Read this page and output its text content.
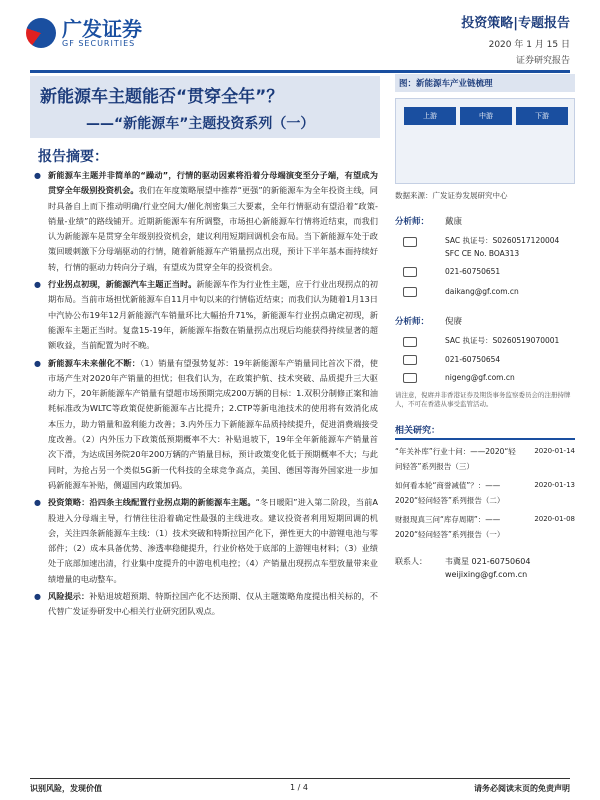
广发证券
GF SECURITIES
投资策略|专题报告
2020 年 1 月 15 日
证券研究报告
新能源车主题能否“贯穿全年”？
——“新能源车”主题投资系列（一）
报告摘要：
● 新能源车主题并非简单的“躁动”，行情的驱动因素将沿着分母端演变至分子端，有望成为贯穿全年级别投资机会。我们在年度策略展望中推荐“更强”的新能源车为全年投资主线，同时具备自上而下推动明确/行业空间大/催化剂密集三大要素，全年行情驱动有望沿着“政策-销量-业绩”的路线铺开。近期新能源车有所调整，市场担心新能源车行情将近结束，而我们认为新能源车是贯穿全年级别投资机会，建议利用短期回调机会布局。当下新能源车处于政策回暖刺激下分母端驱动的行情，随着新能源车产销量拐点出现，预计下半年基本面持续好转，行情的驱动力转向分子端，有望成为贯穿全年的投资机会。
● 行业拐点初现，新能源汽车主题正当时。新能源车作为行业性主题，应于行业出现拐点的初期布局。当前市场担忧新能源车自11月中旬以来的行情临近结束；而我们认为随着1月13日中汽协公布19年12月新能源汽车销量环比大幅抬升71%，新能源车行业拐点确定初现，新能源车主题正当时。复盘15-19年，新能源车指数在销量拐点出现后均能获得持续显著的超额收益，当前配置为时不晚。
● 新能源车未来催化不断：（1）销量有望强势复苏：19年新能源车产销量同比首次下滑，使市场产生对2020年产销量的担忧；但我们认为，在政策护航、技术突破、品质提升三大驱动力下，20年新能源车产销量有望超市场预期完成200万辆的目标：1.双积分制修正案和油耗标准改为WLTC等政策促使新能源车占比提升；2.CTP等新电池技术的使用将有效消化成本压力，助力销量和盈利能力改善；3.内外压力下新能源车品质持续提升，促进消费端接受度改善。（2）内外压力下政策低预期概率不大：补贴退坡下，19年全年新能源车产销量首次下滑，为达成国务院20年200万辆的产销量目标，预计政策变化低于预期概率不大；与此同时，为抢占另一个类似5G新一代科技的全球竞争高点，美国、德国等海外国家进一步加码新能源车补贴，侧逼国内政策加码。
● 投资策略：沿四条主线配置行业拐点期的新能源车主题。“冬日暖阳”进入第二阶段，当前A股进入分母端主导，行情往往沿着确定性最强的主线进攻。建议投资者利用短期回调的机会，关注四条新能源车主线：（1）技术突破和特斯拉国产化下，弹性更大的中游锂电池与零部件；（2）成本具备优势、渗透率稳健提升，行业价格处于底部的上游锂电材料；（3）业绩处于底部加速出清，行业集中度提升的中游电机电控；（4）产销量出现拐点车型放量带来业绩增量的电动整车。
● 风险提示：补贴退坡超预期、特斯拉国产化不达预期、仅从主题策略角度提出相关标的，不代替广发证券研发中心相关行业研究团队观点。
图：新能源车产业链梳理
上游	中游	下游
数据来源：广发证券发展研究中心
分析师： 戴康
SAC 执证号：S0260517120004
SFC CE No. BOA313
021-60750651
daikang@gf.com.cn
分析师： 倪赓
SAC 执证号：S0260519070001
021-60750654
nigeng@gf.com.cn
请注意，倪赓并非香港证券及期货事务监察委员会的注册持牌人，不可在香港从事受监管活动。
相关研究：
“年关补库”行业十问：——2020“轻问轻答”系列报告（三）
2020-01-14
如何看本轮“商誉减值”？：——2020“轻问轻答”系列报告（二）
2020-01-13
财报现真三问“库存周期”：——2020“轻问轻答”系列报告（一）
2020-01-08
联系人： 韦冀星 021-60750604
weijixing@gf.com.cn
识别风险，发现价值	1 / 4	请务必阅读末页的免责声明
